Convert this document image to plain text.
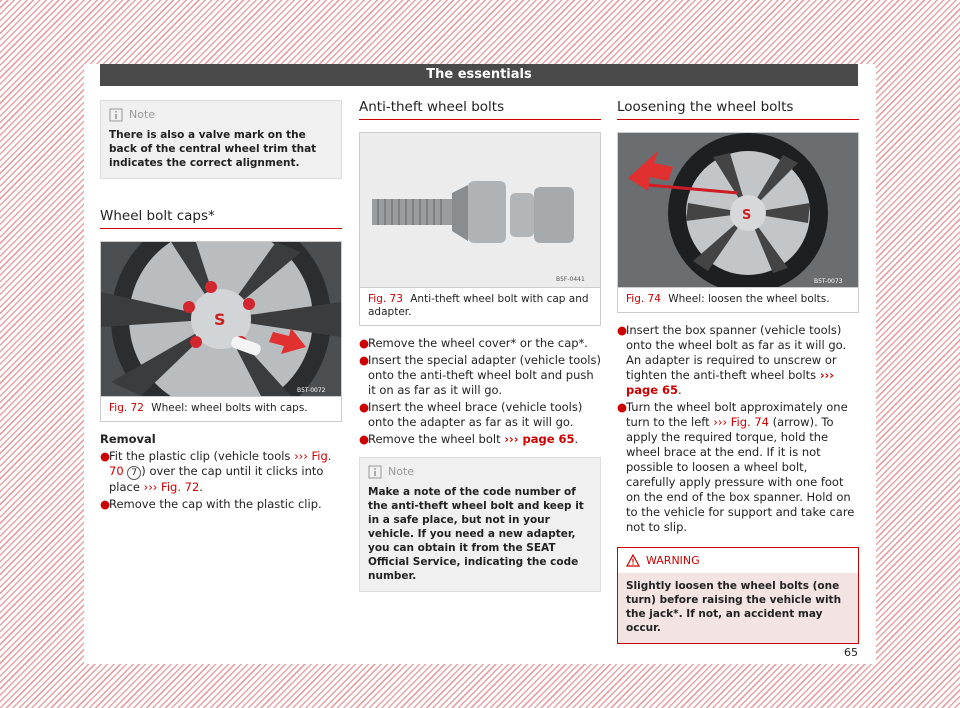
The essentials
Note
There is also a valve mark on the back of the central wheel trim that indicates the correct alignment.
Wheel bolt caps*
S
B5T-0072
Fig. 72 Wheel: wheel bolts with caps.
Removal
●
Fit the plastic clip (vehicle tools ››› Fig. 70 7 ) over the cap until it clicks into place ››› Fig. 72.
●
Remove the cap with the plastic clip.
Anti-theft wheel bolts
B5F-0441
Fig. 73 Anti-theft wheel bolt with cap and adapter.
●
Remove the wheel cover* or the cap*.
●
Insert the special adapter (vehicle tools) onto the anti-theft wheel bolt and push it on as far as it will go.
●
Insert the wheel brace (vehicle tools) onto the adapter as far as it will go.
●
Remove the wheel bolt ››› page 65.
Note
Make a note of the code number of the anti-theft wheel bolt and keep it in a safe place, but not in your vehicle. If you need a new adapter, you can obtain it from the SEAT Official Service, indicating the code number.
Loosening the wheel bolts
S
B5T-0073
Fig. 74 Wheel: loosen the wheel bolts.
●
Insert the box spanner (vehicle tools) onto the wheel bolt as far as it will go. An adapter is required to unscrew or tighten the anti-theft wheel bolts ››› page 65.
●
Turn the wheel bolt approximately one turn to the left ››› Fig. 74 (arrow). To apply the required torque, hold the wheel brace at the end. If it is not possible to loosen a wheel bolt, carefully apply pressure with one foot on the end of the box spanner. Hold on to the vehicle for support and take care not to slip.
WARNING
Slightly loosen the wheel bolts (one turn) before raising the vehicle with the jack*. If not, an accident may occur.
65
